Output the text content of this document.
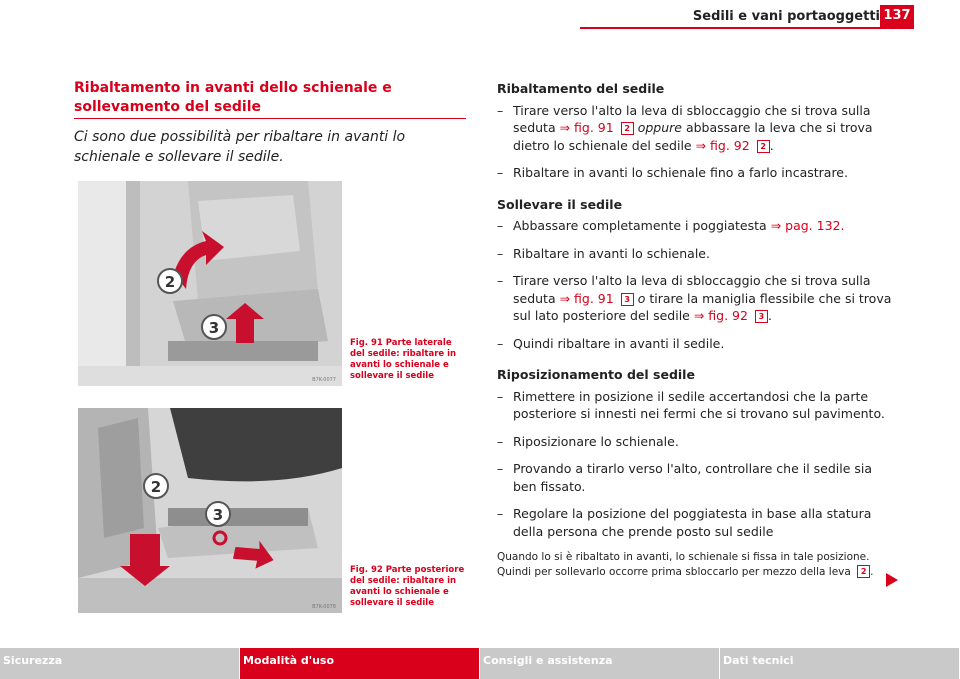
Sedili e vani portaoggetti 137
Ribaltamento in avanti dello schienale e sollevamento del sedile
Ci sono due possibilità per ribaltare in avanti lo schienale e sollevare il sedile.
2
3
B7K-0077
Fig. 91 Parte laterale del sedile: ribaltare in avanti lo schienale e sollevare il sedile
2
3
B7K-0078
Fig. 92 Parte posteriore del sedile: ribaltare in avanti lo schienale e sollevare il sedile
Ribaltamento del sedile
– Tirare verso l'alto la leva di sbloccaggio che si trova sulla seduta ⇒ fig. 91 2 oppure abbassare la leva che si trova dietro lo schienale del sedile ⇒ fig. 92 2 .
– Ribaltare in avanti lo schienale fino a farlo incastrare.
Sollevare il sedile
– Abbassare completamente i poggiatesta ⇒ pag. 132.
– Ribaltare in avanti lo schienale.
– Tirare verso l'alto la leva di sbloccaggio che si trova sulla seduta ⇒ fig. 91 3 o tirare la maniglia flessibile che si trova sul lato posteriore del sedile ⇒ fig. 92 3 .
– Quindi ribaltare in avanti il sedile.
Riposizionamento del sedile
– Rimettere in posizione il sedile accertandosi che la parte posteriore si innesti nei fermi che si trovano sul pavimento.
– Riposizionare lo schienale.
– Provando a tirarlo verso l'alto, controllare che il sedile sia ben fissato.
– Regolare la posizione del poggiatesta in base alla statura della persona che prende posto sul sedile
Quando lo si è ribaltato in avanti, lo schienale si fissa in tale posizione. Quindi per sollevarlo occorre prima sbloccarlo per mezzo della leva 2 .
Sicurezza	Modalità d'uso	Consigli e assistenza	Dati tecnici
